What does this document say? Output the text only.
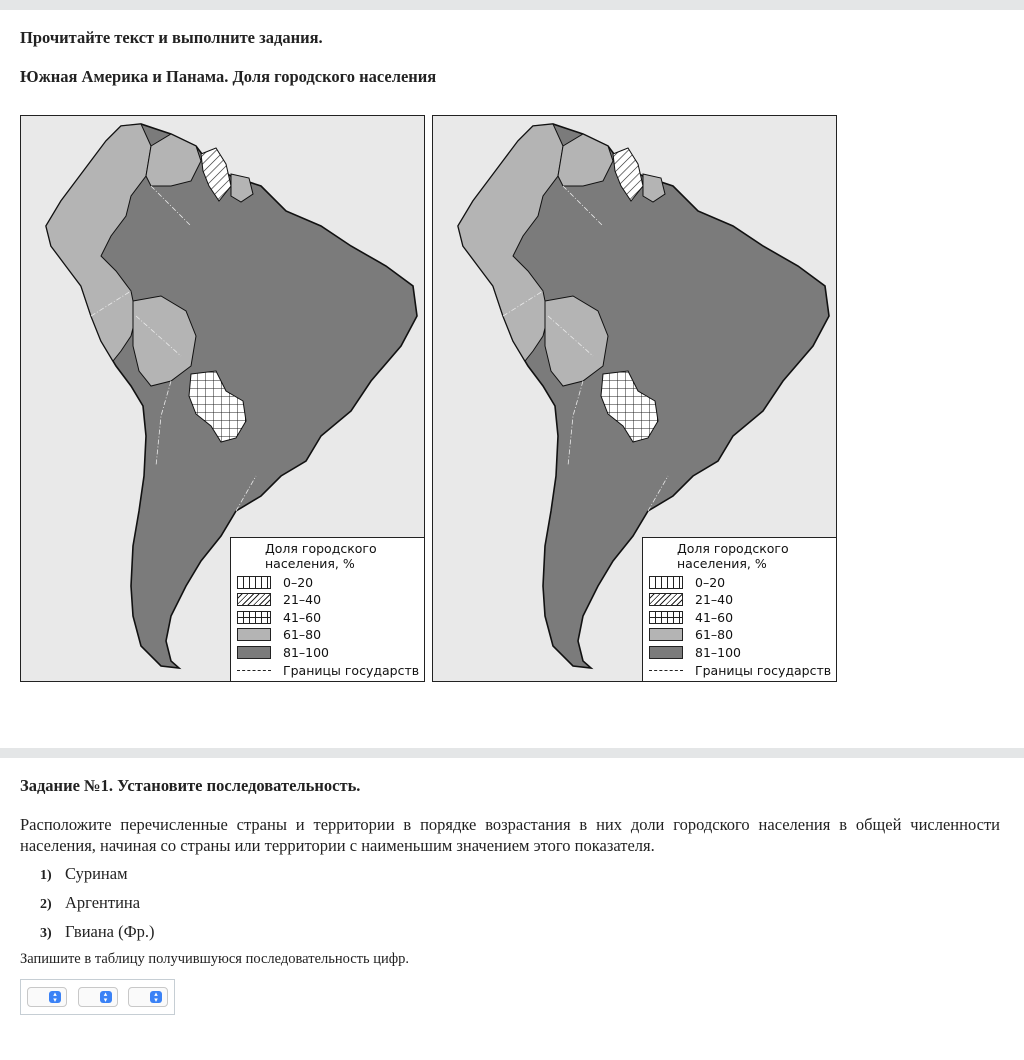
Прочитайте текст и выполните задания.

Южная Америка и Панама. Доля городского населения

Доля городского
населения, %
0–20
21–40
41–60
61–80
81–100
Границы государств
Доля городского
населения, %
0–20
21–40
41–60
61–80
81–100
Границы государств

Задание №1. Установите последовательность.

Расположите перечисленные страны и территории в порядке возрастания в них доли городского населения в общей численности населения, начиная со страны или территории с наименьшим значением этого показателя.

1) Суринам
2) Аргентина
3) Гвиана (Фр.)

Запишите в таблицу получившуюся последовательность цифр.

▴
▾
▴
▾
▴
▾
